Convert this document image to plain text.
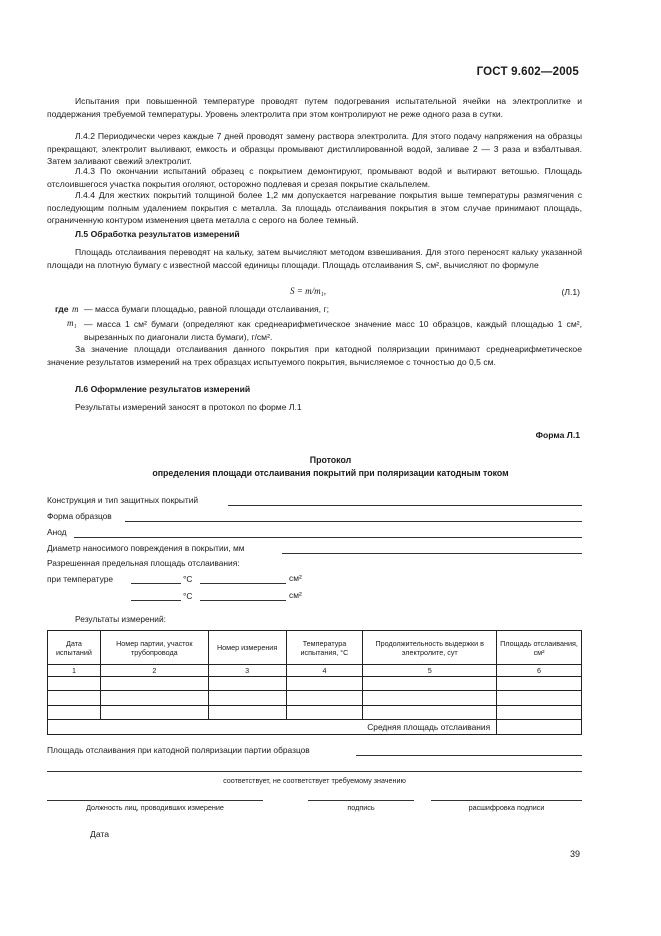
ГОСТ 9.602—2005
Испытания при повышенной температуре проводят путем подогревания испытательной ячейки на электроплитке и поддержания требуемой температуры. Уровень электролита при этом контролируют не реже одного раза в сутки.
Л.4.2 Периодически через каждые 7 дней проводят замену раствора электролита. Для этого подачу напряжения на образцы прекращают, электролит выливают, емкость и образцы промывают дистиллированной водой, заливае 2 — 3 раза и взбалтывая. Затем заливают свежий электролит.
Л.4.3 По окончании испытаний образец с покрытием демонтируют, промывают водой и вытирают ветошью. Площадь отслоившегося участка покрытия оголяют, осторожно подлевая и срезая покрытие скальпелем.
Л.4.4 Для жестких покрытий толщиной более 1,2 мм допускается нагревание покрытия выше температуры размягчения с последующим полным удалением покрытия с металла. За площадь отслаивания покрытия в этом случае принимают площадь, ограниченную контуром изменения цвета металла с серого на более темный.
Л.5 Обработка результатов измерений
Площадь отслаивания переводят на кальку, затем вычисляют методом взвешивания. Для этого переносят кальку указанной площади на плотную бумагу с известной массой единицы площади. Площадь отслаивания S, см², вычисляют по формуле
S = m/m₁,	(Л.1)
где m — масса бумаги площадью, равной площади отслаивания, г;
m₁ — масса 1 см² бумаги (определяют как среднеарифметическое значение масс 10 образцов, каждый площадью 1 см², вырезанных по диагонали листа бумаги), г/см².
За значение площади отслаивания данного покрытия при катодной поляризации принимают среднеарифметическое значение результатов измерений на трех образцах испытуемого покрытия, вычисляемое с точностью до 0,5 см.
Л.6 Оформление результатов измерений
Результаты измерений заносят в протокол по форме Л.1
Форма Л.1
Протокол
определения площади отслаивания покрытий при поляризации катодным током
Конструкция и тип защитных покрытий
Форма образцов
Анод
Диаметр наносимого повреждения в покрытии, мм
Разрешенная предельная площадь отслаивания:
при температуре	°С	см²
°С	см²
Результаты измерений:
Дата испытаний	Номер партии, участок трубопровода	Номер измерения	Температура испытания, °С	Продолжительность выдержки в электролите, сут	Площадь отслаивания, см²
1	2	3	4	5	6

Средняя площадь отслаивания					
Площадь отслаивания при катодной поляризации партии образцов
соответствует, не соответствует требуемому значению
Должность лиц, проводивших измерение	подпись	расшифровка подписи
Дата
39
